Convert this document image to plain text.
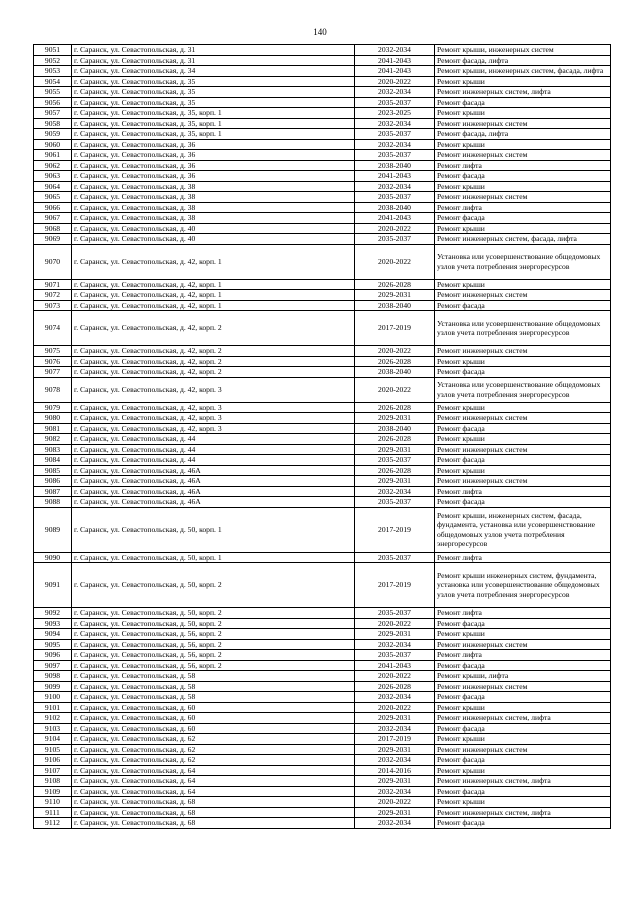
140
9051	г. Саранск, ул. Севастопольская, д. 31	2032-2034	Ремонт крыши, инженерных систем
9052	г. Саранск, ул. Севастопольская, д. 31	2041-2043	Ремонт фасада, лифта
9053	г. Саранск, ул. Севастопольская, д. 34	2041-2043	Ремонт крыши, инженерных систем, фасада, лифта
9054	г. Саранск, ул. Севастопольская, д. 35	2020-2022	Ремонт крыши
9055	г. Саранск, ул. Севастопольская, д. 35	2032-2034	Ремонт инженерных систем, лифта
9056	г. Саранск, ул. Севастопольская, д. 35	2035-2037	Ремонт фасада
9057	г. Саранск, ул. Севастопольская, д. 35, корп. 1	2023-2025	Ремонт крыши
9058	г. Саранск, ул. Севастопольская, д. 35, корп. 1	2032-2034	Ремонт инженерных систем
9059	г. Саранск, ул. Севастопольская, д. 35, корп. 1	2035-2037	Ремонт фасада, лифта
9060	г. Саранск, ул. Севастопольская, д. 36	2032-2034	Ремонт крыши
9061	г. Саранск, ул. Севастопольская, д. 36	2035-2037	Ремонт инженерных систем
9062	г. Саранск, ул. Севастопольская, д. 36	2038-2040	Ремонт лифта
9063	г. Саранск, ул. Севастопольская, д. 36	2041-2043	Ремонт фасада
9064	г. Саранск, ул. Севастопольская, д. 38	2032-2034	Ремонт крыши
9065	г. Саранск, ул. Севастопольская, д. 38	2035-2037	Ремонт инженерных систем
9066	г. Саранск, ул. Севастопольская, д. 38	2038-2040	Ремонт лифта
9067	г. Саранск, ул. Севастопольская, д. 38	2041-2043	Ремонт фасада
9068	г. Саранск, ул. Севастопольская, д. 40	2020-2022	Ремонт крыши
9069	г. Саранск, ул. Севастопольская, д. 40	2035-2037	Ремонт инженерных систем, фасада, лифта
9070	г. Саранск, ул. Севастопольская, д. 42, корп. 1	2020-2022	Установка или усовершенствование общедомовых узлов учета потребления энергоресурсов
9071	г. Саранск, ул. Севастопольская, д. 42, корп. 1	2026-2028	Ремонт крыши
9072	г. Саранск, ул. Севастопольская, д. 42, корп. 1	2029-2031	Ремонт инженерных систем
9073	г. Саранск, ул. Севастопольская, д. 42, корп. 1	2038-2040	Ремонт фасада
9074	г. Саранск, ул. Севастопольская, д. 42, корп. 2	2017-2019	Установка или усовершенствование общедомовых узлов учета потребления энергоресурсов
9075	г. Саранск, ул. Севастопольская, д. 42, корп. 2	2020-2022	Ремонт инженерных систем
9076	г. Саранск, ул. Севастопольская, д. 42, корп. 2	2026-2028	Ремонт крыши
9077	г. Саранск, ул. Севастопольская, д. 42, корп. 2	2038-2040	Ремонт фасада
9078	г. Саранск, ул. Севастопольская, д. 42, корп. 3	2020-2022	Установка или усовершенствование общедомовых узлов учета потребления энергоресурсов
9079	г. Саранск, ул. Севастопольская, д. 42, корп. 3	2026-2028	Ремонт крыши
9080	г. Саранск, ул. Севастопольская, д. 42, корп. 3	2029-2031	Ремонт инженерных систем
9081	г. Саранск, ул. Севастопольская, д. 42, корп. 3	2038-2040	Ремонт фасада
9082	г. Саранск, ул. Севастопольская, д. 44	2026-2028	Ремонт крыши
9083	г. Саранск, ул. Севастопольская, д. 44	2029-2031	Ремонт инженерных систем
9084	г. Саранск, ул. Севастопольская, д. 44	2035-2037	Ремонт фасада
9085	г. Саранск, ул. Севастопольская, д. 46А	2026-2028	Ремонт крыши
9086	г. Саранск, ул. Севастопольская, д. 46А	2029-2031	Ремонт инженерных систем
9087	г. Саранск, ул. Севастопольская, д. 46А	2032-2034	Ремонт лифта
9088	г. Саранск, ул. Севастопольская, д. 46А	2035-2037	Ремонт фасада
9089	г. Саранск, ул. Севастопольская, д. 50, корп. 1	2017-2019	Ремонт крыши, инженерных систем, фасада, фундамента, установка или усовершенствование общедомовых узлов учета потребления энергоресурсов
9090	г. Саранск, ул. Севастопольская, д. 50, корп. 1	2035-2037	Ремонт лифта
9091	г. Саранск, ул. Севастопольская, д. 50, корп. 2	2017-2019	Ремонт крыши инженерных систем, фундамента, установка или усовершенствование общедомовых узлов учета потребления энергоресурсов
9092	г. Саранск, ул. Севастопольская, д. 50, корп. 2	2035-2037	Ремонт лифта
9093	г. Саранск, ул. Севастопольская, д. 50, корп. 2	2020-2022	Ремонт фасада
9094	г. Саранск, ул. Севастопольская, д. 56, корп. 2	2029-2031	Ремонт крыши
9095	г. Саранск, ул. Севастопольская, д. 56, корп. 2	2032-2034	Ремонт инженерных систем
9096	г. Саранск, ул. Севастопольская, д. 56, корп. 2	2035-2037	Ремонт лифта
9097	г. Саранск, ул. Севастопольская, д. 56, корп. 2	2041-2043	Ремонт фасада
9098	г. Саранск, ул. Севастопольская, д. 58	2020-2022	Ремонт крыши, лифта
9099	г. Саранск, ул. Севастопольская, д. 58	2026-2028	Ремонт инженерных систем
9100	г. Саранск, ул. Севастопольская, д. 58	2032-2034	Ремонт фасада
9101	г. Саранск, ул. Севастопольская, д. 60	2020-2022	Ремонт крыши
9102	г. Саранск, ул. Севастопольская, д. 60	2029-2031	Ремонт инженерных систем, лифта
9103	г. Саранск, ул. Севастопольская, д. 60	2032-2034	Ремонт фасада
9104	г. Саранск, ул. Севастопольская, д. 62	2017-2019	Ремонт крыши
9105	г. Саранск, ул. Севастопольская, д. 62	2029-2031	Ремонт инженерных систем
9106	г. Саранск, ул. Севастопольская, д. 62	2032-2034	Ремонт фасада
9107	г. Саранск, ул. Севастопольская, д. 64	2014-2016	Ремонт крыши
9108	г. Саранск, ул. Севастопольская, д. 64	2029-2031	Ремонт инженерных систем, лифта
9109	г. Саранск, ул. Севастопольская, д. 64	2032-2034	Ремонт фасада
9110	г. Саранск, ул. Севастопольская, д. 68	2020-2022	Ремонт крыши
9111	г. Саранск, ул. Севастопольская, д. 68	2029-2031	Ремонт инженерных систем, лифта
9112	г. Саранск, ул. Севастопольская, д. 68	2032-2034	Ремонт фасада
